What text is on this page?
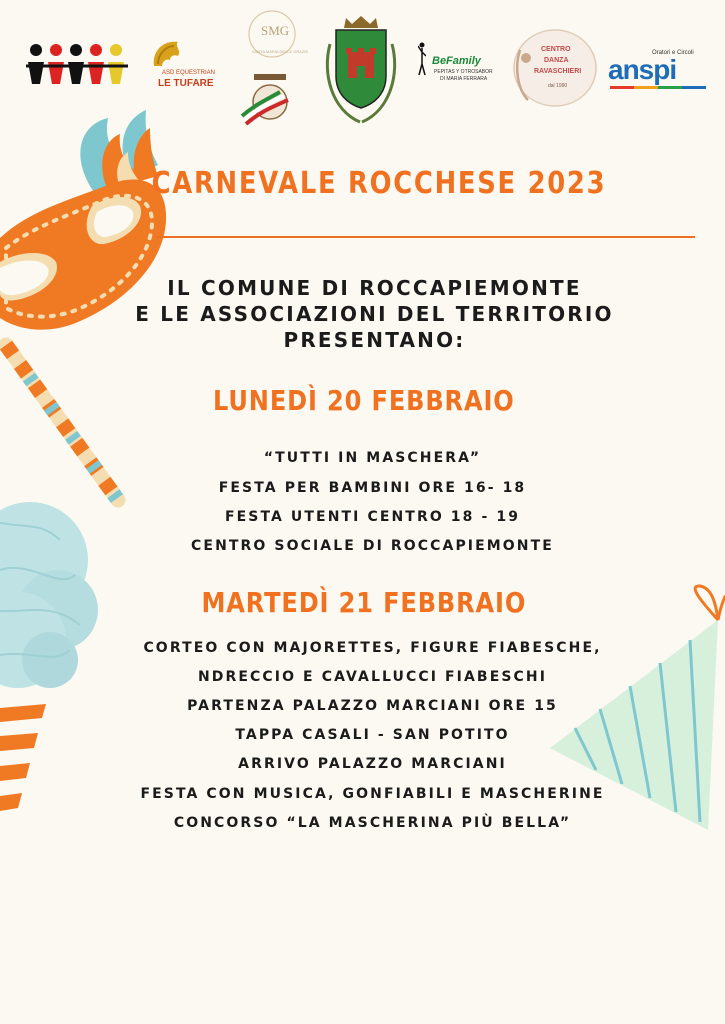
ASD EQUESTRIAN
LE TUFARE
SMG
SANTA MARIA DELLE GRAZIE
BeFamily
PEPITAS Y OTROSABOR
DI MARIA FERRARA
CENTRO
DANZA
RAVASCHIERI
dal 1990
Oratori e Circoli
anspi
CARNEVALE ROCCHESE 2023
IL COMUNE DI ROCCAPIEMONTE
E LE ASSOCIAZIONI DEL TERRITORIO
PRESENTANO:
LUNEDÌ 20 FEBBRAIO
“TUTTI IN MASCHERA”
FESTA PER BAMBINI ORE 16- 18
FESTA UTENTI CENTRO 18 - 19
CENTRO SOCIALE DI ROCCAPIEMONTE
MARTEDÌ 21 FEBBRAIO
CORTEO CON MAJORETTES, FIGURE FIABESCHE,
NDRECCIO E CAVALLUCCI FIABESCHI
PARTENZA PALAZZO MARCIANI ORE 15
TAPPA CASALI - SAN POTITO
ARRIVO PALAZZO MARCIANI
FESTA CON MUSICA, GONFIABILI E MASCHERINE
CONCORSO “LA MASCHERINA PIÙ BELLA”
